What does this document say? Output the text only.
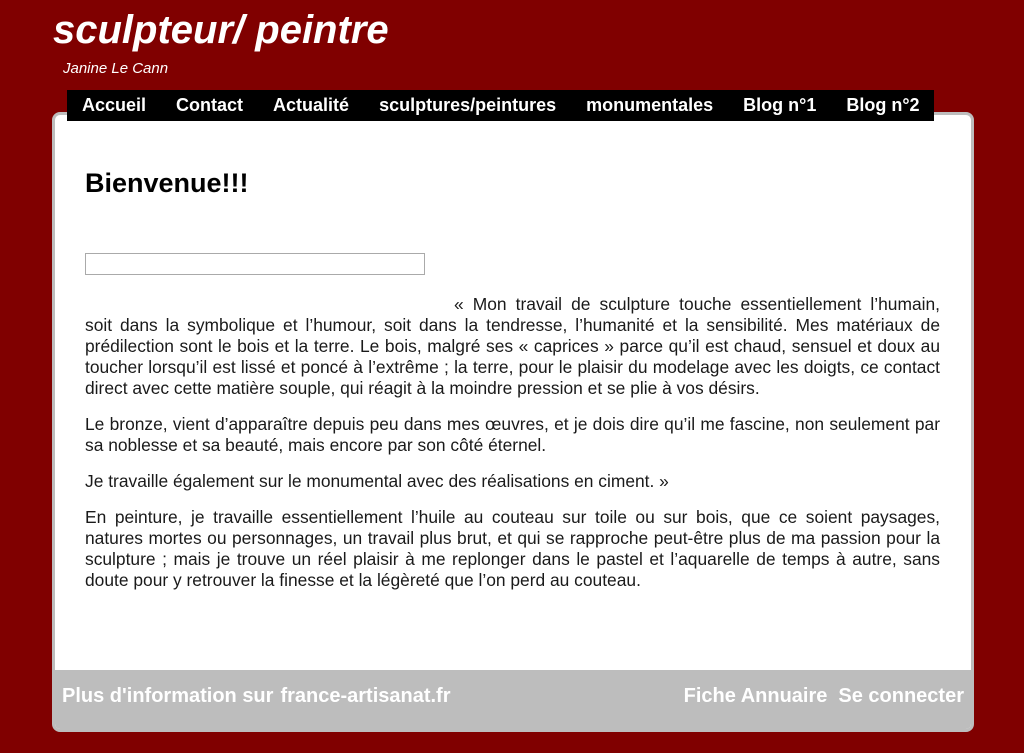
sculpteur/ peintre
Janine Le Cann
Bienvenue!!!

« Mon travail de sculpture touche essentiellement l’humain, soit dans la symbolique et l’humour, soit dans la tendresse, l’humanité et la sensibilité. Mes matériaux de prédilection sont le bois et la terre. Le bois, malgré ses « caprices » parce qu’il est chaud, sensuel et doux au toucher lorsqu’il est lissé et poncé à l’extrême ; la terre, pour le plaisir du modelage avec les doigts, ce contact direct avec cette matière souple, qui réagit à la moindre pression et se plie à vos désirs.

Le bronze, vient d’apparaître depuis peu dans mes œuvres, et je dois dire qu’il me fascine, non seulement par sa noblesse et sa beauté, mais encore par son côté éternel.

Je travaille également sur le monumental avec des réalisations en ciment. »

En peinture, je travaille essentiellement l’huile au couteau sur toile ou sur bois, que ce soient paysages, natures mortes ou personnages, un travail plus brut, et qui se rapproche peut-être plus de ma passion pour la sculpture ; mais je trouve un réel plaisir à me replonger dans le pastel et l’aquarelle de temps à autre, sans doute pour y retrouver la finesse et la légèreté que l’on perd au couteau.

Plus d'information sur france-artisanat.fr	Fiche Annuaire Se connecter
Accueil Contact Actualité sculptures/peintures monumentales Blog n°1 Blog n°2
